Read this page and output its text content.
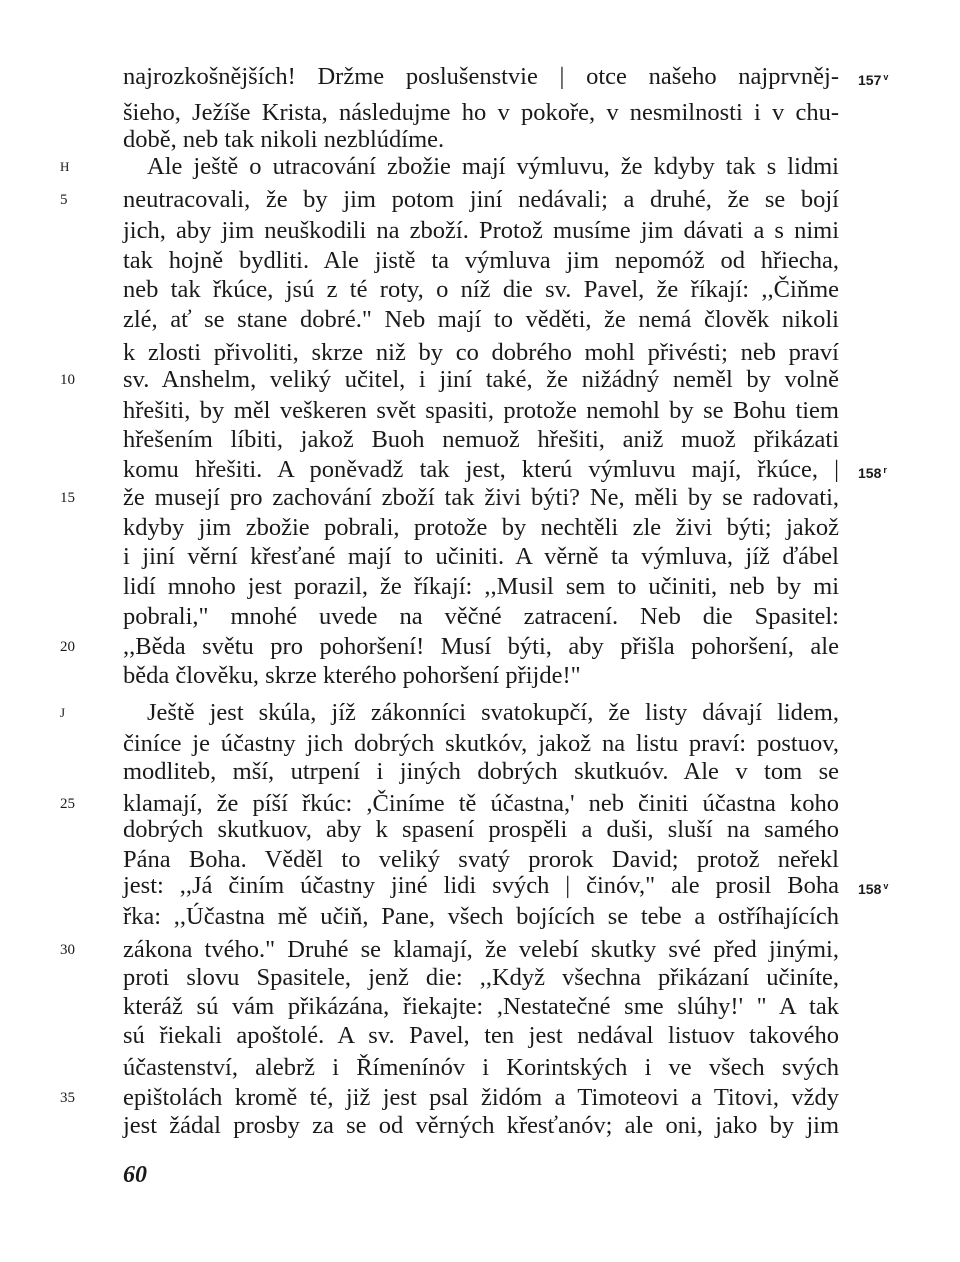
H
5
10
15
20
J
25
30
35
157 $^v$
158 $^r$
158 $^v$
najrozkošnějších! Držme poslušenstvie | otce našeho najprvněj-
šieho, Ježíše Krista, následujme ho v pokoře, v nesmilnosti i v chu-
době, neb tak nikoli nezblúdíme.
Ale ještě o utracování zbožie mají výmluvu, že kdyby tak s lidmi
neutracovali, že by jim potom jiní nedávali; a druhé, že se bojí
jich, aby jim neuškodili na zboží. Protož musíme jim dávati a s nimi
tak hojně bydliti. Ale jistě ta výmluva jim nepomóž od hřiecha,
neb tak řkúce, jsú z té roty, o níž die sv. Pavel, že říkají: ,,Čiňme
zlé, ať se stane dobré." Neb mají to věděti, že nemá člověk nikoli
k zlosti přivoliti, skrze niž by co dobrého mohl přivésti; neb praví
sv. Anshelm, veliký učitel, i jiní také, že nižádný neměl by volně
hřešiti, by měl veškeren svět spasiti, protože nemohl by se Bohu tiem
hřešením líbiti, jakož Buoh nemuož hřešiti, aniž muož přikázati
komu hřešiti. A poněvadž tak jest, kterú výmluvu mají, řkúce, |
že musejí pro zachování zboží tak živi býti? Ne, měli by se radovati,
kdyby jim zbožie pobrali, protože by nechtěli zle živi býti; jakož
i jiní věrní křesťané mají to učiniti. A věrně ta výmluva, jíž ďábel
lidí mnoho jest porazil, že říkají: ,,Musil sem to učiniti, neb by mi
pobrali," mnohé uvede na věčné zatracení. Neb die Spasitel:
,,Běda světu pro pohoršení! Musí býti, aby přišla pohoršení, ale
běda člověku, skrze kterého pohoršení přijde!"
Ještě jest skúla, jíž zákonníci svatokupčí, že listy dávají lidem,
činíce je účastny jich dobrých skutkóv, jakož na listu praví: postuov,
modliteb, mší, utrpení i jiných dobrých skutkuóv. Ale v tom se
klamají, že píší řkúc: ,Činíme tě účastna,' neb činiti účastna koho
dobrých skutkuov, aby k spasení prospěli a duši, sluší na samého
Pána Boha. Věděl to veliký svatý prorok David; protož neřekl
jest: ,,Já činím účastny jiné lidi svých | činóv," ale prosil Boha
řka: ,,Účastna mě učiň, Pane, všech bojících se tebe a ostříhajících
zákona tvého." Druhé se klamají, že velebí skutky své před jinými,
proti slovu Spasitele, jenž die: ,,Když všechna přikázaní učiníte,
kteráž sú vám přikázána, řiekajte: ,Nestatečné sme slúhy!' " A tak
sú řiekali apoštolé. A sv. Pavel, ten jest nedával listuov takového
účastenství, alebrž i Římenínóv i Korintských i ve všech svých
epištolách kromě té, již jest psal židóm a Timoteovi a Titovi, vždy
jest žádal prosby za se od věrných křesťanóv; ale oni, jako by jim
60
